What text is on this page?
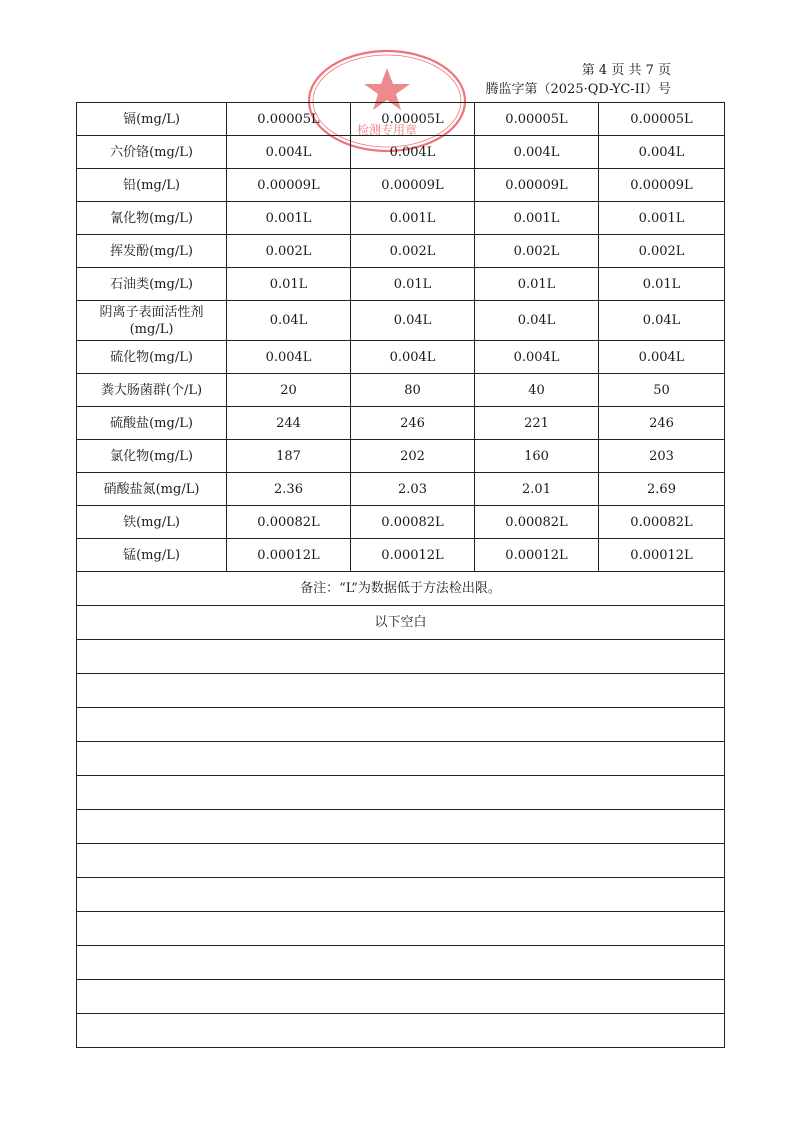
第 4 页 共 7 页
腾监字第（2025·QD-YC-II）号
检测专用章
镉(mg/L)	0.00005L	0.00005L	0.00005L	0.00005L
六价铬(mg/L)	0.004L	0.004L	0.004L	0.004L
铅(mg/L)	0.00009L	0.00009L	0.00009L	0.00009L
氰化物(mg/L)	0.001L	0.001L	0.001L	0.001L
挥发酚(mg/L)	0.002L	0.002L	0.002L	0.002L
石油类(mg/L)	0.01L	0.01L	0.01L	0.01L
阴离子表面活性剂(mg/L)	0.04L	0.04L	0.04L	0.04L
硫化物(mg/L)	0.004L	0.004L	0.004L	0.004L
粪大肠菌群(个/L)	20	80	40	50
硫酸盐(mg/L)	244	246	221	246
氯化物(mg/L)	187	202	160	203
硝酸盐氮(mg/L)	2.36	2.03	2.01	2.69
铁(mg/L)	0.00082L	0.00082L	0.00082L	0.00082L
锰(mg/L)	0.00012L	0.00012L	0.00012L	0.00012L
备注：“L”为数据低于方法检出限。				
以下空白				
